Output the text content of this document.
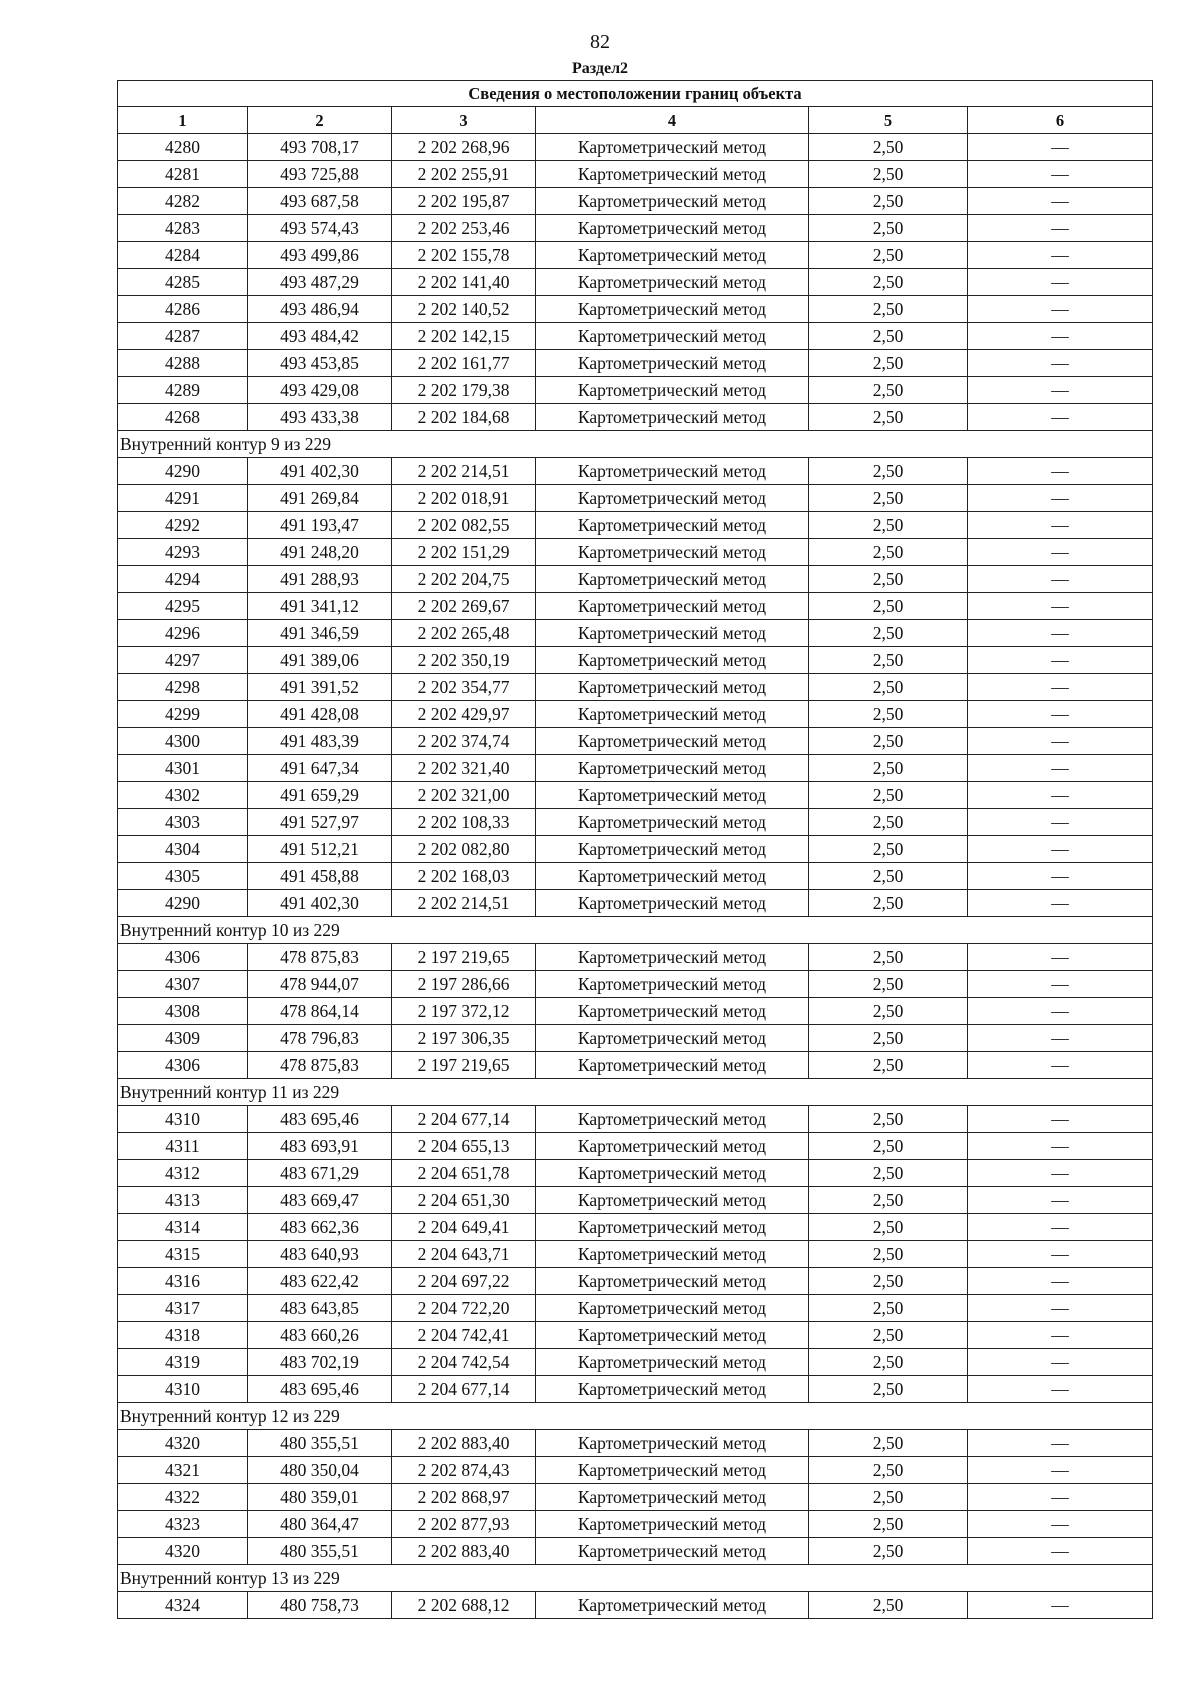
82
Раздел2
Сведения о местоположении границ объекта					
1	2	3	4	5	6
4280	493 708,17	2 202 268,96	Картометрический метод	2,50	—
4281	493 725,88	2 202 255,91	Картометрический метод	2,50	—
4282	493 687,58	2 202 195,87	Картометрический метод	2,50	—
4283	493 574,43	2 202 253,46	Картометрический метод	2,50	—
4284	493 499,86	2 202 155,78	Картометрический метод	2,50	—
4285	493 487,29	2 202 141,40	Картометрический метод	2,50	—
4286	493 486,94	2 202 140,52	Картометрический метод	2,50	—
4287	493 484,42	2 202 142,15	Картометрический метод	2,50	—
4288	493 453,85	2 202 161,77	Картометрический метод	2,50	—
4289	493 429,08	2 202 179,38	Картометрический метод	2,50	—
4268	493 433,38	2 202 184,68	Картометрический метод	2,50	—
Внутренний контур 9 из 229					
4290	491 402,30	2 202 214,51	Картометрический метод	2,50	—
4291	491 269,84	2 202 018,91	Картометрический метод	2,50	—
4292	491 193,47	2 202 082,55	Картометрический метод	2,50	—
4293	491 248,20	2 202 151,29	Картометрический метод	2,50	—
4294	491 288,93	2 202 204,75	Картометрический метод	2,50	—
4295	491 341,12	2 202 269,67	Картометрический метод	2,50	—
4296	491 346,59	2 202 265,48	Картометрический метод	2,50	—
4297	491 389,06	2 202 350,19	Картометрический метод	2,50	—
4298	491 391,52	2 202 354,77	Картометрический метод	2,50	—
4299	491 428,08	2 202 429,97	Картометрический метод	2,50	—
4300	491 483,39	2 202 374,74	Картометрический метод	2,50	—
4301	491 647,34	2 202 321,40	Картометрический метод	2,50	—
4302	491 659,29	2 202 321,00	Картометрический метод	2,50	—
4303	491 527,97	2 202 108,33	Картометрический метод	2,50	—
4304	491 512,21	2 202 082,80	Картометрический метод	2,50	—
4305	491 458,88	2 202 168,03	Картометрический метод	2,50	—
4290	491 402,30	2 202 214,51	Картометрический метод	2,50	—
Внутренний контур 10 из 229					
4306	478 875,83	2 197 219,65	Картометрический метод	2,50	—
4307	478 944,07	2 197 286,66	Картометрический метод	2,50	—
4308	478 864,14	2 197 372,12	Картометрический метод	2,50	—
4309	478 796,83	2 197 306,35	Картометрический метод	2,50	—
4306	478 875,83	2 197 219,65	Картометрический метод	2,50	—
Внутренний контур 11 из 229					
4310	483 695,46	2 204 677,14	Картометрический метод	2,50	—
4311	483 693,91	2 204 655,13	Картометрический метод	2,50	—
4312	483 671,29	2 204 651,78	Картометрический метод	2,50	—
4313	483 669,47	2 204 651,30	Картометрический метод	2,50	—
4314	483 662,36	2 204 649,41	Картометрический метод	2,50	—
4315	483 640,93	2 204 643,71	Картометрический метод	2,50	—
4316	483 622,42	2 204 697,22	Картометрический метод	2,50	—
4317	483 643,85	2 204 722,20	Картометрический метод	2,50	—
4318	483 660,26	2 204 742,41	Картометрический метод	2,50	—
4319	483 702,19	2 204 742,54	Картометрический метод	2,50	—
4310	483 695,46	2 204 677,14	Картометрический метод	2,50	—
Внутренний контур 12 из 229					
4320	480 355,51	2 202 883,40	Картометрический метод	2,50	—
4321	480 350,04	2 202 874,43	Картометрический метод	2,50	—
4322	480 359,01	2 202 868,97	Картометрический метод	2,50	—
4323	480 364,47	2 202 877,93	Картометрический метод	2,50	—
4320	480 355,51	2 202 883,40	Картометрический метод	2,50	—
Внутренний контур 13 из 229					
4324	480 758,73	2 202 688,12	Картометрический метод	2,50	—
